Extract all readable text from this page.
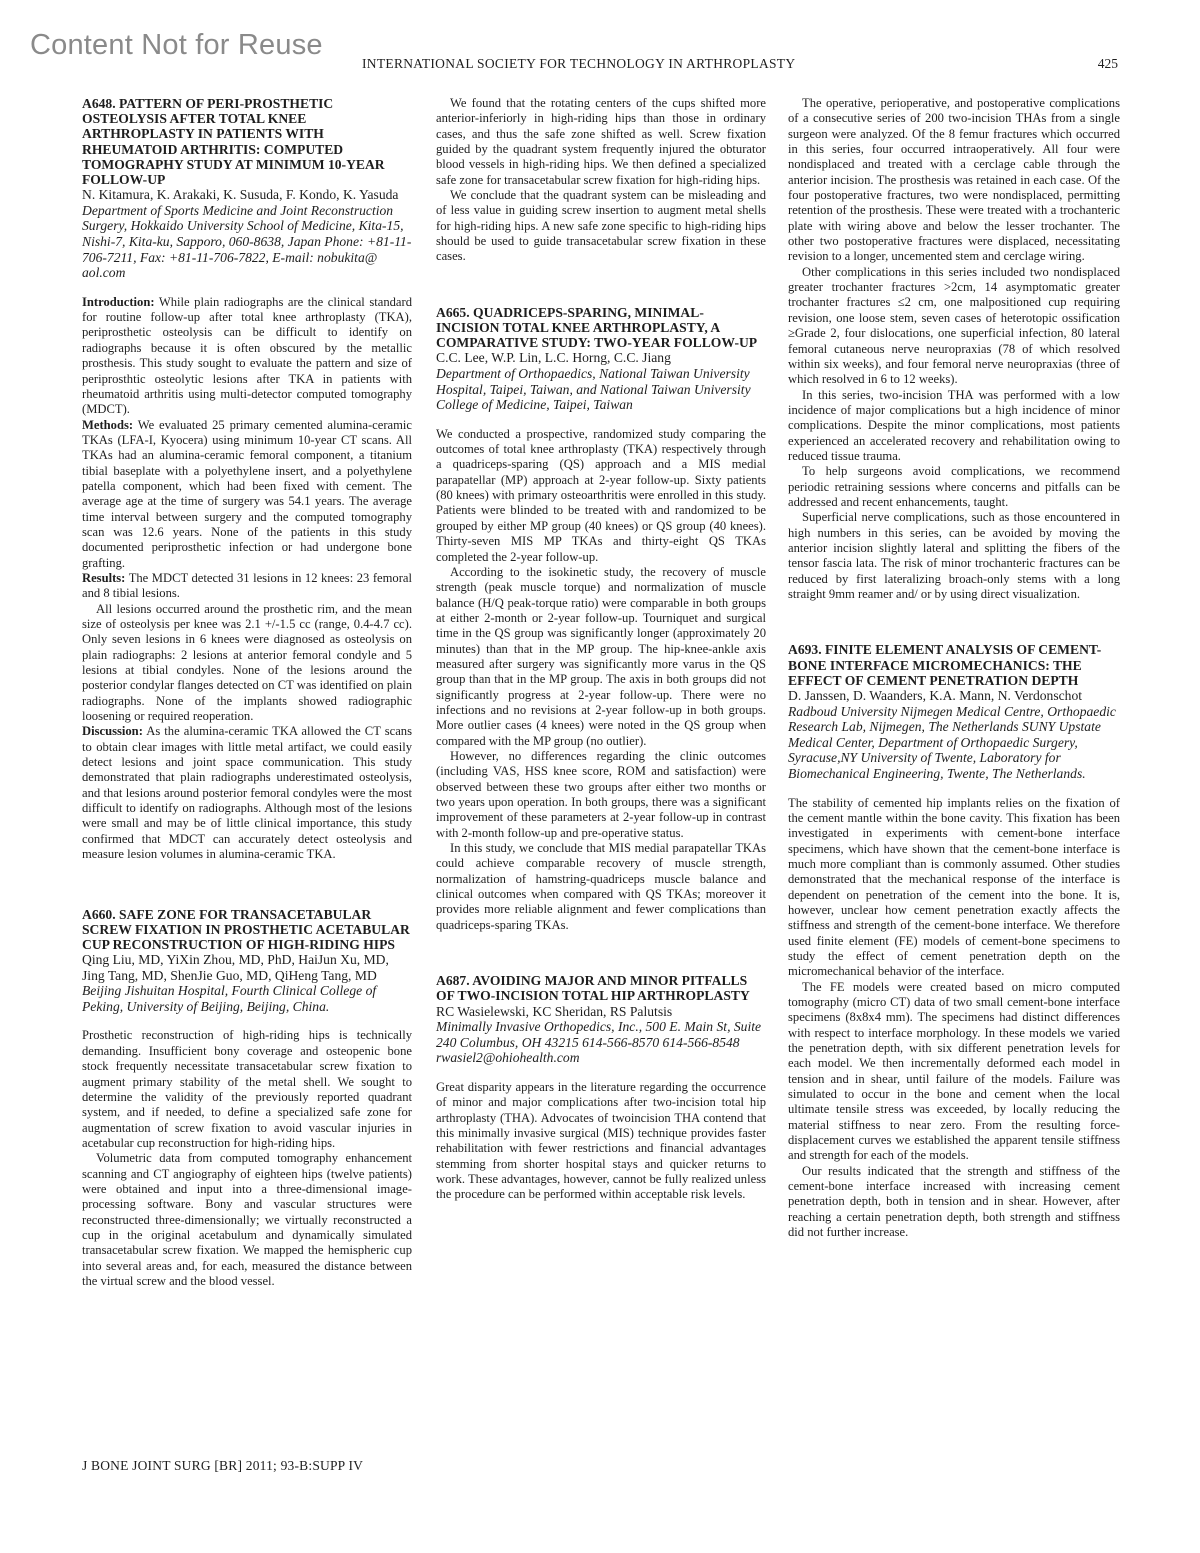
Content Not for Reuse
INTERNATIONAL SOCIETY FOR TECHNOLOGY IN ARTHROPLASTY	425

A648. PATTERN OF PERI-PROSTHETIC OSTEOLYSIS AFTER TOTAL KNEE ARTHROPLASTY IN PATIENTS WITH RHEUMATOID ARTHRITIS: COMPUTED TOMOGRAPHY STUDY AT MINIMUM 10-YEAR FOLLOW-UP

N. Kitamura, K. Arakaki, K. Susuda, F. Kondo, K. Yasuda

Department of Sports Medicine and Joint Reconstruction Surgery, Hokkaido University School of Medicine, Kita-15, Nishi-7, Kita-ku, Sapporo, 060-8638, Japan Phone: +81-11-706-7211, Fax: +81-11-706-7822, E-mail: nobukita@ aol.com

Introduction: While plain radiographs are the clinical standard for routine follow-up after total knee arthroplasty (TKA), periprosthetic osteolysis can be difficult to identify on radiographs because it is often obscured by the metallic prosthesis. This study sought to evaluate the pattern and size of periprosthtic osteolytic lesions after TKA in patients with rheumatoid arthritis using multi-detector computed tomography (MDCT).

Methods: We evaluated 25 primary cemented alumina-ceramic TKAs (LFA-I, Kyocera) using minimum 10-year CT scans. All TKAs had an alumina-ceramic femoral component, a titanium tibial baseplate with a polyethylene insert, and a polyethylene patella component, which had been fixed with cement. The average age at the time of surgery was 54.1 years. The average time interval between surgery and the computed tomography scan was 12.6 years. None of the patients in this study documented periprosthetic infection or had undergone bone grafting.

Results: The MDCT detected 31 lesions in 12 knees: 23 femoral and 8 tibial lesions.

All lesions occurred around the prosthetic rim, and the mean size of osteolysis per knee was 2.1 +/-1.5 cc (range, 0.4-4.7 cc). Only seven lesions in 6 knees were diagnosed as osteolysis on plain radiographs: 2 lesions at anterior femoral condyle and 5 lesions at tibial condyles. None of the lesions around the posterior condylar flanges detected on CT was identified on plain radiographs. None of the implants showed radiographic loosening or required reoperation.

Discussion: As the alumina-ceramic TKA allowed the CT scans to obtain clear images with little metal artifact, we could easily detect lesions and joint space communication. This study demonstrated that plain radiographs underestimated osteolysis, and that lesions around posterior femoral condyles were the most difficult to identify on radiographs. Although most of the lesions were small and may be of little clinical importance, this study confirmed that MDCT can accurately detect osteolysis and measure lesion volumes in alumina-ceramic TKA.

A660. SAFE ZONE FOR TRANSACETABULAR SCREW FIXATION IN PROSTHETIC ACETABULAR CUP RECONSTRUCTION OF HIGH-RIDING HIPS

Qing Liu, MD, YiXin Zhou, MD, PhD, HaiJun Xu, MD, Jing Tang, MD, ShenJie Guo, MD, QiHeng Tang, MD

Beijing Jishuitan Hospital, Fourth Clinical College of Peking, University of Beijing, Beijing, China.

Prosthetic reconstruction of high-riding hips is technically demanding. Insufficient bony coverage and osteopenic bone stock frequently necessitate transacetabular screw fixation to augment primary stability of the metal shell. We sought to determine the validity of the previously reported quadrant system, and if needed, to define a specialized safe zone for augmentation of screw fixation to avoid vascular injuries in acetabular cup reconstruction for high-riding hips.

Volumetric data from computed tomography enhancement scanning and CT angiography of eighteen hips (twelve patients) were obtained and input into a three-dimensional image-processing software. Bony and vascular structures were reconstructed three-dimensionally; we virtually reconstructed a cup in the original acetabulum and dynamically simulated transacetabular screw fixation. We mapped the hemispheric cup into several areas and, for each, measured the distance between the virtual screw and the blood vessel.

We found that the rotating centers of the cups shifted more anterior-inferiorly in high-riding hips than those in ordinary cases, and thus the safe zone shifted as well. Screw fixation guided by the quadrant system frequently injured the obturator blood vessels in high-riding hips. We then defined a specialized safe zone for transacetabular screw fixation for high-riding hips.

We conclude that the quadrant system can be misleading and of less value in guiding screw insertion to augment metal shells for high-riding hips. A new safe zone specific to high-riding hips should be used to guide transacetabular screw fixation in these cases.

A665. QUADRICEPS-SPARING, MINIMAL-INCISION TOTAL KNEE ARTHROPLASTY, A COMPARATIVE STUDY: TWO-YEAR FOLLOW-UP

C.C. Lee, W.P. Lin, L.C. Horng, C.C. Jiang

Department of Orthopaedics, National Taiwan University Hospital, Taipei, Taiwan, and National Taiwan University College of Medicine, Taipei, Taiwan

We conducted a prospective, randomized study comparing the outcomes of total knee arthroplasty (TKA) respectively through a quadriceps-sparing (QS) approach and a MIS medial parapatellar (MP) approach at 2-year follow-up. Sixty patients (80 knees) with primary osteoarthritis were enrolled in this study. Patients were blinded to be treated with and randomized to be grouped by either MP group (40 knees) or QS group (40 knees). Thirty-seven MIS MP TKAs and thirty-eight QS TKAs completed the 2-year follow-up.

According to the isokinetic study, the recovery of muscle strength (peak muscle torque) and normalization of muscle balance (H/Q peak-torque ratio) were comparable in both groups at either 2-month or 2-year follow-up. Tourniquet and surgical time in the QS group was significantly longer (approximately 20 minutes) than that in the MP group. The hip-knee-ankle axis measured after surgery was significantly more varus in the QS group than that in the MP group. The axis in both groups did not significantly progress at 2-year follow-up. There were no infections and no revisions at 2-year follow-up in both groups. More outlier cases (4 knees) were noted in the QS group when compared with the MP group (no outlier).

However, no differences regarding the clinic outcomes (including VAS, HSS knee score, ROM and satisfaction) were observed between these two groups after either two months or two years upon operation. In both groups, there was a significant improvement of these parameters at 2-year follow-up in contrast with 2-month follow-up and pre-operative status.

In this study, we conclude that MIS medial parapatellar TKAs could achieve comparable recovery of muscle strength, normalization of hamstring-quadriceps muscle balance and clinical outcomes when compared with QS TKAs; moreover it provides more reliable alignment and fewer complications than quadriceps-sparing TKAs.

A687. AVOIDING MAJOR AND MINOR PITFALLS OF TWO-INCISION TOTAL HIP ARTHROPLASTY

RC Wasielewski, KC Sheridan, RS Palutsis

Minimally Invasive Orthopedics, Inc., 500 E. Main St, Suite 240 Columbus, OH 43215 614-566-8570 614-566-8548 rwasiel2@ohiohealth.com

Great disparity appears in the literature regarding the occurrence of minor and major complications after two-incision total hip arthroplasty (THA). Advocates of twoincision THA contend that this minimally invasive surgical (MIS) technique provides faster rehabilitation with fewer restrictions and financial advantages stemming from shorter hospital stays and quicker returns to work. These advantages, however, cannot be fully realized unless the procedure can be performed within acceptable risk levels.

The operative, perioperative, and postoperative complications of a consecutive series of 200 two-incision THAs from a single surgeon were analyzed. Of the 8 femur fractures which occurred in this series, four occurred intraoperatively. All four were nondisplaced and treated with a cerclage cable through the anterior incision. The prosthesis was retained in each case. Of the four postoperative fractures, two were nondisplaced, permitting retention of the prosthesis. These were treated with a trochanteric plate with wiring above and below the lesser trochanter. The other two postoperative fractures were displaced, necessitating revision to a longer, uncemented stem and cerclage wiring.

Other complications in this series included two nondisplaced greater trochanter fractures >2cm, 14 asymptomatic greater trochanter fractures ≤2 cm, one malpositioned cup requiring revision, one loose stem, seven cases of heterotopic ossification ≥Grade 2, four dislocations, one superficial infection, 80 lateral femoral cutaneous nerve neuropraxias (78 of which resolved within six weeks), and four femoral nerve neuropraxias (three of which resolved in 6 to 12 weeks).

In this series, two-incision THA was performed with a low incidence of major complications but a high incidence of minor complications. Despite the minor complications, most patients experienced an accelerated recovery and rehabilitation owing to reduced tissue trauma.

To help surgeons avoid complications, we recommend periodic retraining sessions where concerns and pitfalls can be addressed and recent enhancements, taught.

Superficial nerve complications, such as those encountered in high numbers in this series, can be avoided by moving the anterior incision slightly lateral and splitting the fibers of the tensor fascia lata. The risk of minor trochanteric fractures can be reduced by first lateralizing broach-only stems with a long straight 9mm reamer and/ or by using direct visualization.

A693. FINITE ELEMENT ANALYSIS OF CEMENT-BONE INTERFACE MICROMECHANICS: THE EFFECT OF CEMENT PENETRATION DEPTH

D. Janssen, D. Waanders, K.A. Mann, N. Verdonschot

Radboud University Nijmegen Medical Centre, Orthopaedic Research Lab, Nijmegen, The Netherlands SUNY Upstate Medical Center, Department of Orthopaedic Surgery, Syracuse,NY University of Twente, Laboratory for Biomechanical Engineering, Twente, The Netherlands.

The stability of cemented hip implants relies on the fixation of the cement mantle within the bone cavity. This fixation has been investigated in experiments with cement-bone interface specimens, which have shown that the cement-bone interface is much more compliant than is commonly assumed. Other studies demonstrated that the mechanical response of the interface is dependent on penetration of the cement into the bone. It is, however, unclear how cement penetration exactly affects the stiffness and strength of the cement-bone interface. We therefore used finite element (FE) models of cement-bone specimens to study the effect of cement penetration depth on the micromechanical behavior of the interface.

The FE models were created based on micro computed tomography (micro CT) data of two small cement-bone interface specimens (8x8x4 mm). The specimens had distinct differences with respect to interface morphology. In these models we varied the penetration depth, with six different penetration levels for each model. We then incrementally deformed each model in tension and in shear, until failure of the models. Failure was simulated to occur in the bone and cement when the local ultimate tensile stress was exceeded, by locally reducing the material stiffness to near zero. From the resulting force-displacement curves we established the apparent tensile stiffness and strength for each of the models.

Our results indicated that the strength and stiffness of the cement-bone interface increased with increasing cement penetration depth, both in tension and in shear. However, after reaching a certain penetration depth, both strength and stiffness did not further increase.

J BONE JOINT SURG [BR] 2011; 93-B:SUPP IV
